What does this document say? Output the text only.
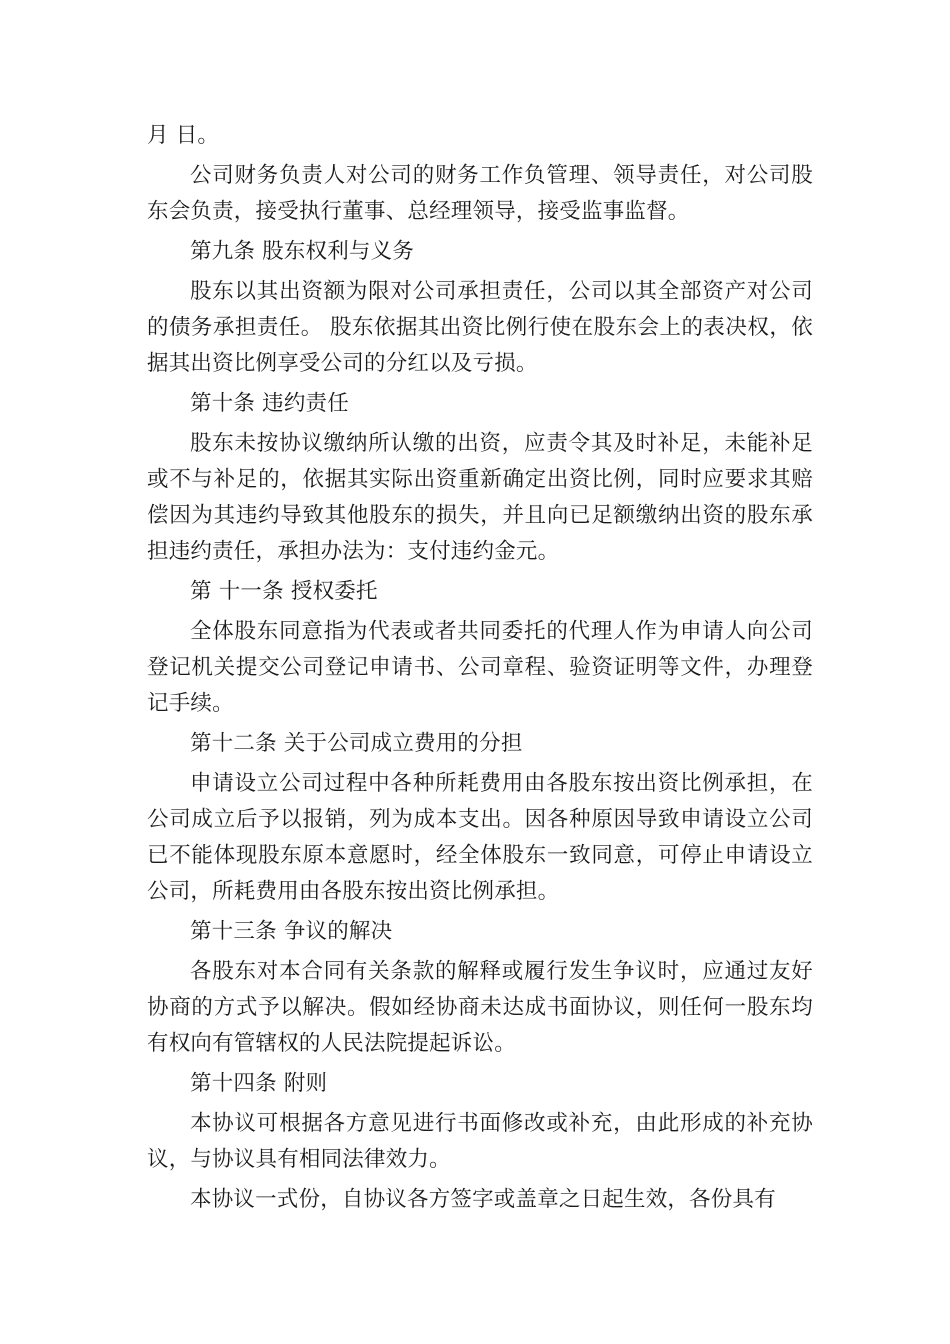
月 日。

公司财务负责人对公司的财务工作负管理、领导责任，对公司股东会负责，接受执行董事、总经理领导，接受监事监督。

第九条 股东权利与义务

股东以其出资额为限对公司承担责任，公司以其全部资产对公司的债务承担责任。 股东依据其出资比例行使在股东会上的表决权，依据其出资比例享受公司的分红以及亏损。

第十条 违约责任

股东未按协议缴纳所认缴的出资，应责令其及时补足，未能补足或不与补足的，依据其实际出资重新确定出资比例，同时应要求其赔偿因为其违约导致其他股东的损失，并且向已足额缴纳出资的股东承担违约责任，承担办法为：支付违约金元。

第 十一条 授权委托

全体股东同意指为代表或者共同委托的代理人作为申请人向公司登记机关提交公司登记申请书、公司章程、验资证明等文件，办理登记手续。

第十二条 关于公司成立费用的分担

申请设立公司过程中各种所耗费用由各股东按出资比例承担，在公司成立后予以报销，列为成本支出。因各种原因导致申请设立公司已不能体现股东原本意愿时，经全体股东一致同意，可停止申请设立公司，所耗费用由各股东按出资比例承担。

第十三条 争议的解决

各股东对本合同有关条款的解释或履行发生争议时，应通过友好协商的方式予以解决。假如经协商未达成书面协议，则任何一股东均有权向有管辖权的人民法院提起诉讼。

第十四条 附则

本协议可根据各方意见进行书面修改或补充，由此形成的补充协议，与协议具有相同法律效力。

本协议一式份，自协议各方签字或盖章之日起生效，各份具有
